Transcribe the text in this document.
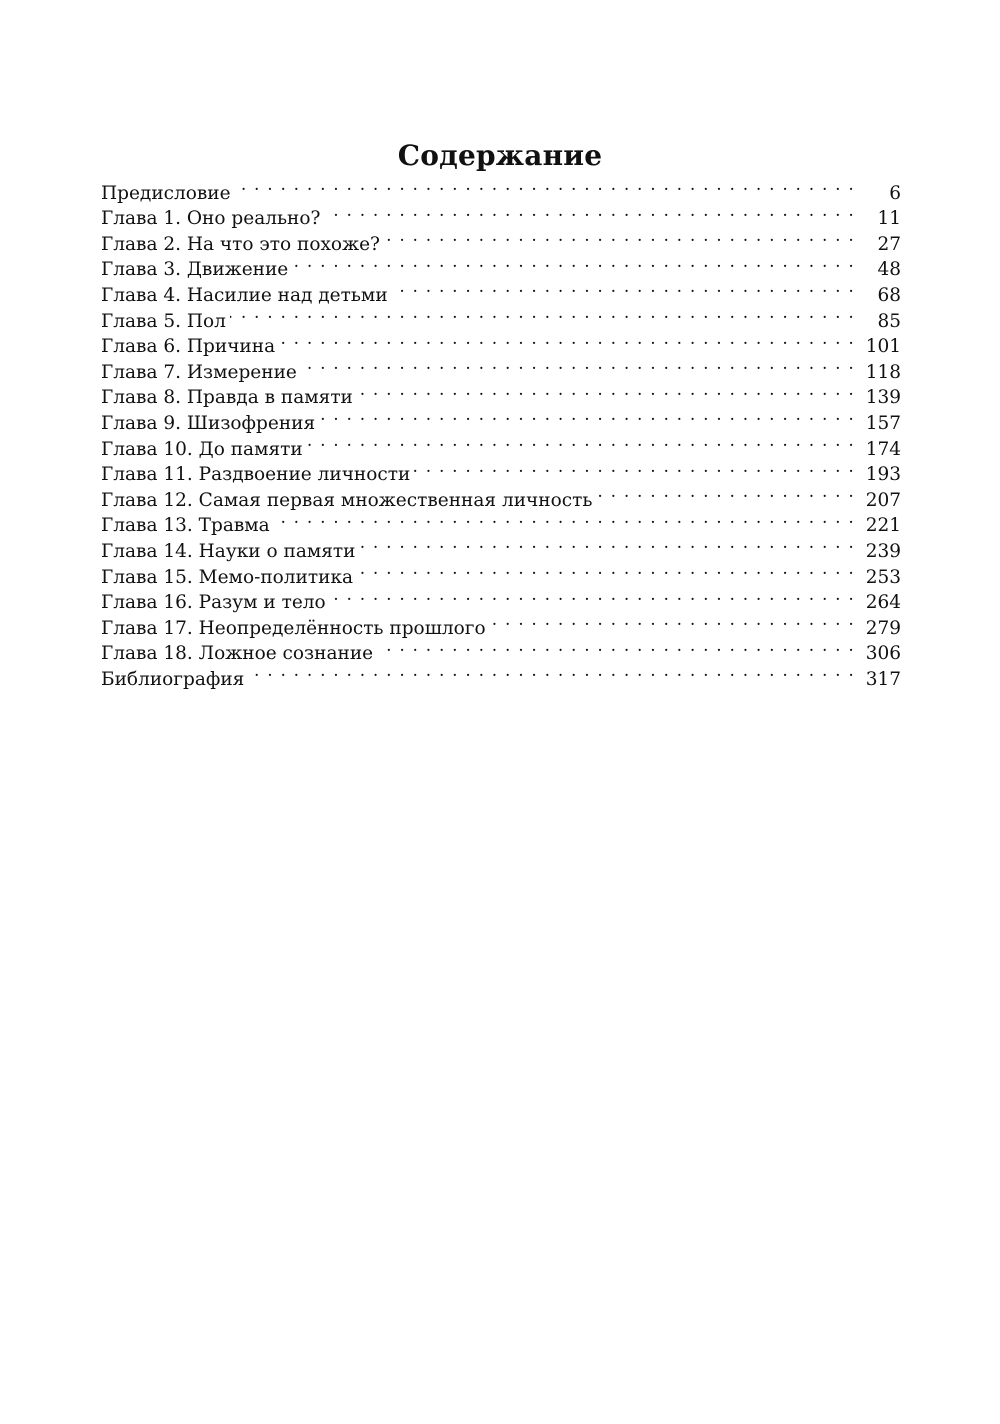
Содержание
Предисловие . . .	6
Глава 1. Оно реально? . . .	11
Глава 2. На что это похоже? . . .	27
Глава 3. Движение . . .	48
Глава 4. Насилие над детьми . . .	68
Глава 5. Пол . . .	85
Глава 6. Причина . . .	101
Глава 7. Измерение . . .	118
Глава 8. Правда в памяти . . .	139
Глава 9. Шизофрения . . .	157
Глава 10. До памяти . . .	174
Глава 11. Раздвоение личности . . .	193
Глава 12. Самая первая множественная личность . . .	207
Глава 13. Травма . . .	221
Глава 14. Науки о памяти . . .	239
Глава 15. Мемо-политика . . .	253
Глава 16. Разум и тело . . .	264
Глава 17. Неопределённость прошлого . . .	279
Глава 18. Ложное сознание . . .	306
Библиография . . .	317
